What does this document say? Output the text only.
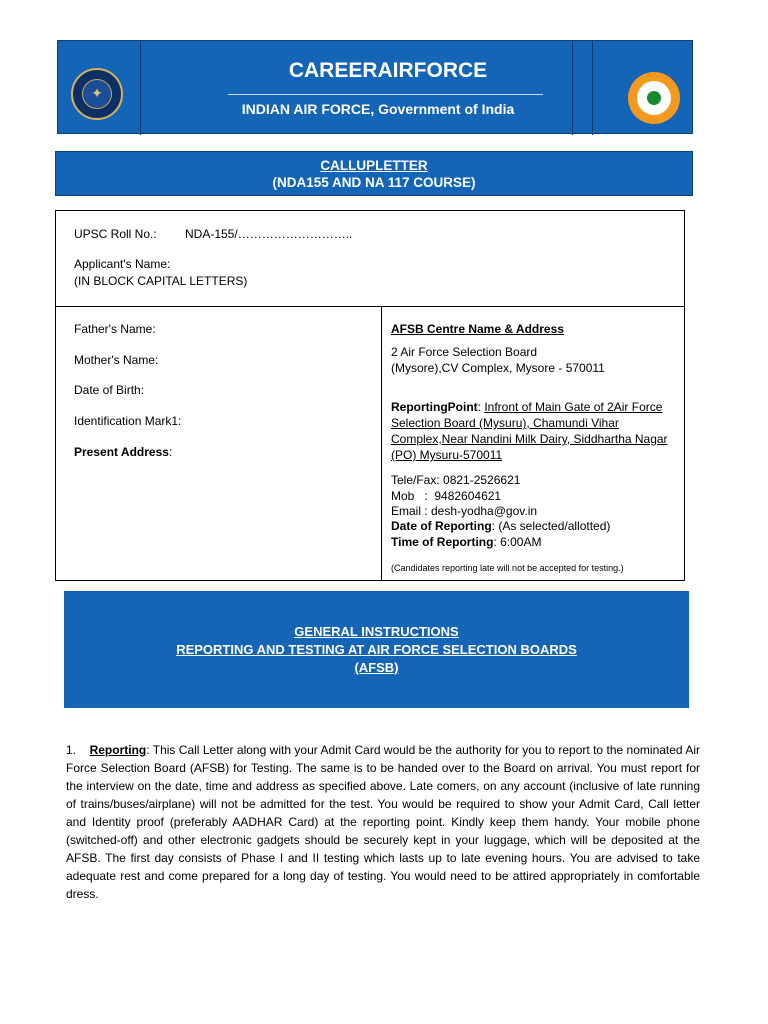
✦
CAREERAIRFORCE
INDIAN AIR FORCE, Government of India
CALLUPLETTER
(NDA155 AND NA 117 COURSE)
UPSC Roll No.: NDA-155/………………………..
Applicant's Name:
(IN BLOCK CAPITAL LETTERS)
Father's Name:
Mother's Name:
Date of Birth:
Identification Mark1:
Present Address:
AFSB Centre Name & Address
2 Air Force Selection Board
(Mysore),CV Complex, Mysore - 570011
ReportingPoint: Infront of Main Gate of 2Air Force Selection Board (Mysuru), Chamundi Vihar Complex,Near Nandini Milk Dairy, Siddhartha Nagar (PO) Mysuru-570011
Tele/Fax: 0821-2526621
Mob   :  9482604621
Email : desh-yodha@gov.in
Date of Reporting: (As selected/allotted)
Time of Reporting: 6:00AM
(Candidates reporting late will not be accepted for testing.)
GENERAL INSTRUCTIONS
REPORTING AND TESTING AT AIR FORCE SELECTION BOARDS
(AFSB)
1. Reporting: This Call Letter along with your Admit Card would be the authority for you to report to the nominated Air Force Selection Board (AFSB) for Testing. The same is to be handed over to the Board on arrival. You must report for the interview on the date, time and address as specified above. Late comers, on any account (inclusive of late running of trains/buses/airplane) will not be admitted for the test. You would be required to show your Admit Card, Call letter and Identity proof (preferably AADHAR Card) at the reporting point. Kindly keep them handy. Your mobile phone (switched-off) and other electronic gadgets should be securely kept in your luggage, which will be deposited at the AFSB. The first day consists of Phase I and II testing which lasts up to late evening hours. You are advised to take adequate rest and come prepared for a long day of testing. You would need to be attired appropriately in comfortable dress.
